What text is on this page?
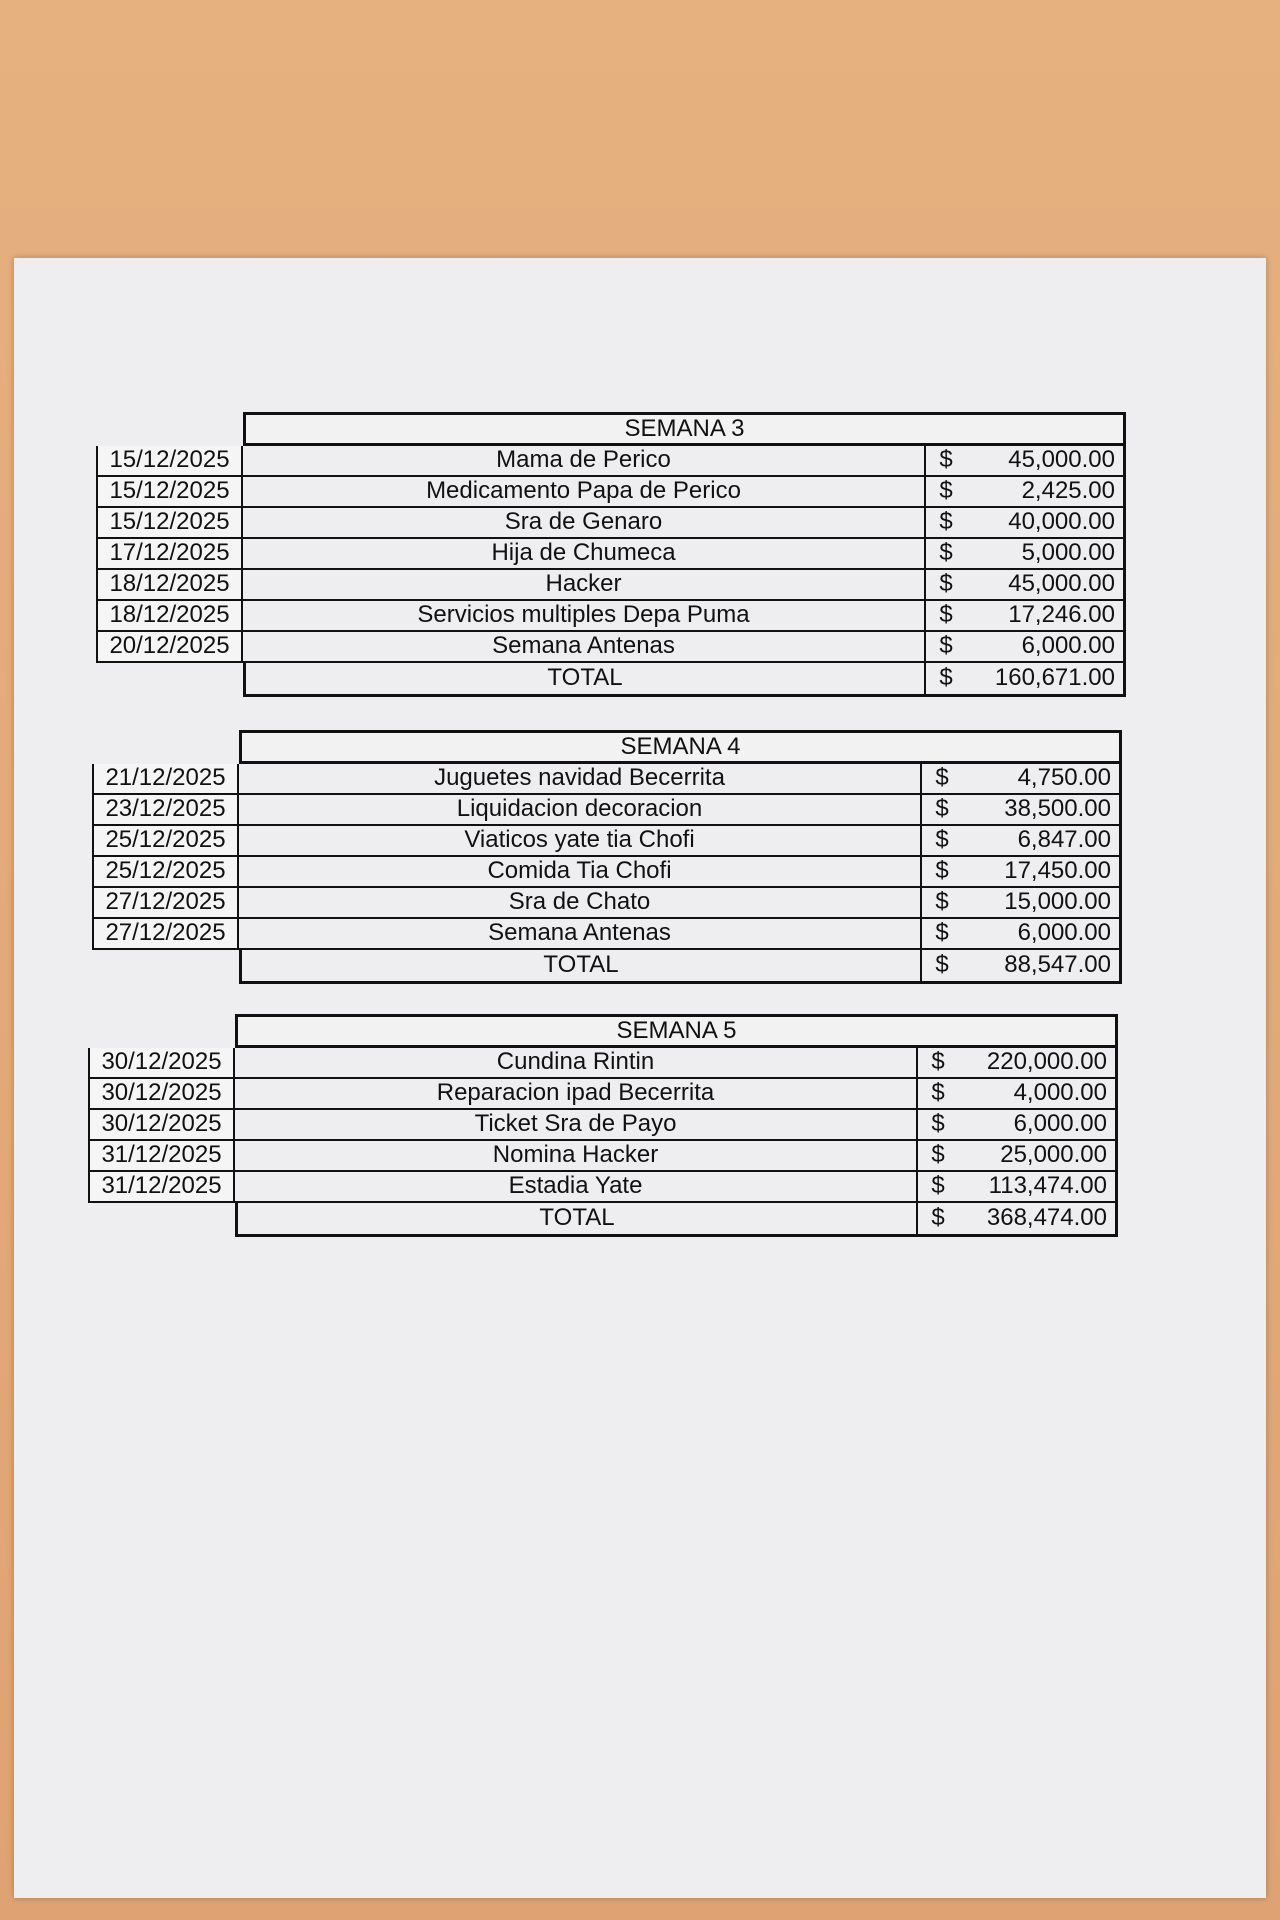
SEMANA 3
15/12/2025	Mama de Perico	$	45,000.00
15/12/2025	Medicamento Papa de Perico	$	2,425.00
15/12/2025	Sra de Genaro	$	40,000.00
17/12/2025	Hija de Chumeca	$	5,000.00
18/12/2025	Hacker	$	45,000.00
18/12/2025	Servicios multiples Depa Puma	$	17,246.00
20/12/2025	Semana Antenas	$	6,000.00
TOTAL	$	160,671.00
SEMANA 4
21/12/2025	Juguetes navidad Becerrita	$	4,750.00
23/12/2025	Liquidacion decoracion	$	38,500.00
25/12/2025	Viaticos yate tia Chofi	$	6,847.00
25/12/2025	Comida Tia Chofi	$	17,450.00
27/12/2025	Sra de Chato	$	15,000.00
27/12/2025	Semana Antenas	$	6,000.00
TOTAL	$	88,547.00
SEMANA 5
30/12/2025	Cundina Rintin	$	220,000.00
30/12/2025	Reparacion ipad Becerrita	$	4,000.00
30/12/2025	Ticket Sra de Payo	$	6,000.00
31/12/2025	Nomina Hacker	$	25,000.00
31/12/2025	Estadia Yate	$	113,474.00
TOTAL	$	368,474.00
